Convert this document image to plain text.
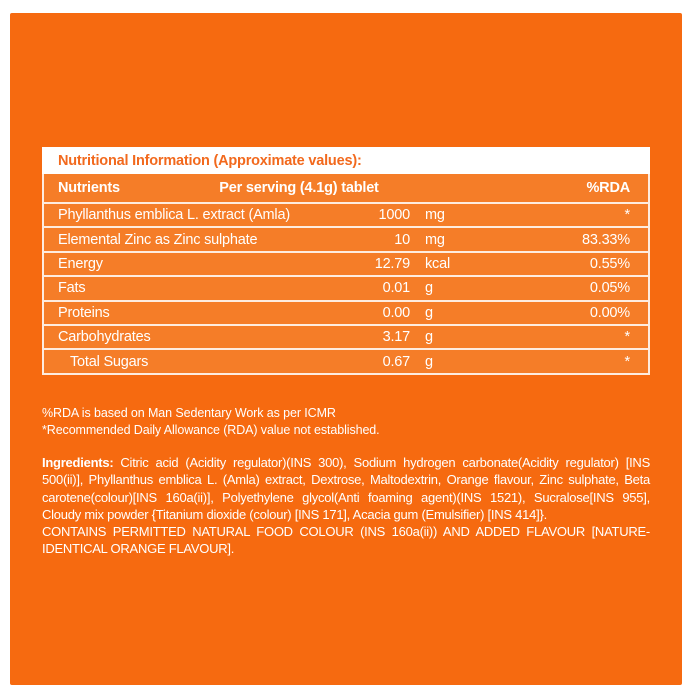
Nutritional Information (Approximate values):
Nutrients	Per serving (4.1g) tablet	%RDA
Phyllanthus emblica L. extract (Amla)	1000 mg	*
Elemental Zinc as Zinc sulphate	10 mg	83.33%
Energy	12.79 kcal	0.55%
Fats	0.01 g	0.05%
Proteins	0.00 g	0.00%
Carbohydrates	3.17 g	*
Total Sugars	0.67 g	*
%RDA is based on Man Sedentary Work as per ICMR
*Recommended Daily Allowance (RDA) value not established.

Ingredients: Citric acid (Acidity regulator)(INS 300), Sodium hydrogen carbonate(Acidity regulator) [INS 500(ii)], Phyllanthus emblica L. (Amla) extract, Dextrose, Maltodextrin, Orange flavour, Zinc sulphate, Beta carotene(colour)[INS 160a(ii)], Polyethylene glycol(Anti foaming agent)(INS 1521), Sucralose[INS 955], Cloudy mix powder {Titanium dioxide (colour) [INS 171], Acacia gum (Emulsifier) [INS 414]}.

CONTAINS PERMITTED NATURAL FOOD COLOUR (INS 160a(ii)) AND ADDED FLAVOUR [NATURE-IDENTICAL ORANGE FLAVOUR].
